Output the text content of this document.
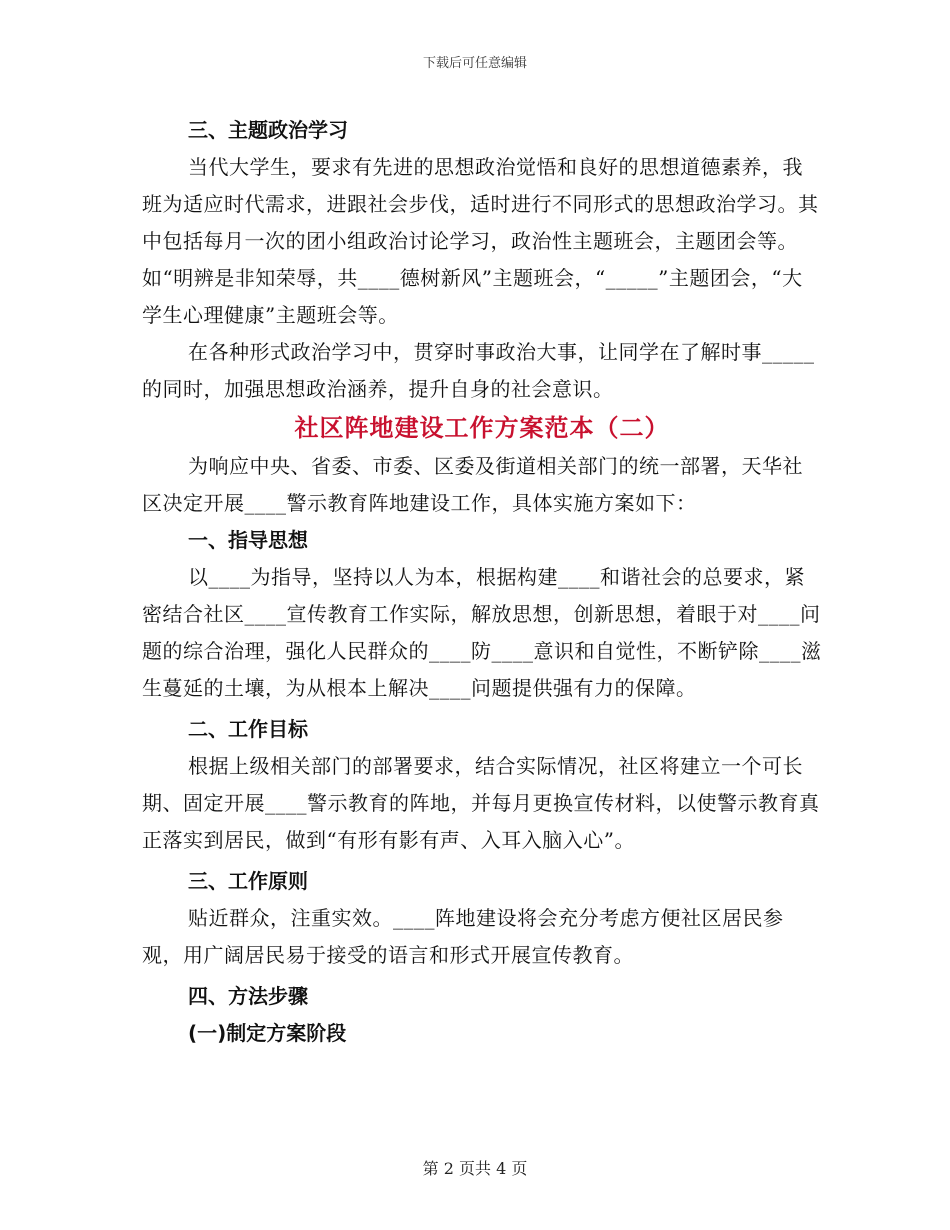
下载后可任意编辑

三、主题政治学习

当代大学生，要求有先进的思想政治觉悟和良好的思想道德素养，我班为适应时代需求，进跟社会步伐，适时进行不同形式的思想政治学习。其中包括每月一次的团小组政治讨论学习，政治性主题班会，主题团会等。如“明辨是非知荣辱，共____德树新风”主题班会，“_____”主题团会，“大学生心理健康”主题班会等。

在各种形式政治学习中，贯穿时事政治大事，让同学在了解时事_____的同时，加强思想政治涵养，提升自身的社会意识。

社区阵地建设工作方案范本（二）

为响应中央、省委、市委、区委及街道相关部门的统一部署，天华社区决定开展____警示教育阵地建设工作，具体实施方案如下：

一、指导思想

以____为指导，坚持以人为本，根据构建____和谐社会的总要求，紧密结合社区____宣传教育工作实际，解放思想，创新思想，着眼于对____问题的综合治理，强化人民群众的____防____意识和自觉性，不断铲除____滋生蔓延的土壤，为从根本上解决____问题提供强有力的保障。

二、工作目标

根据上级相关部门的部署要求，结合实际情况，社区将建立一个可长期、固定开展____警示教育的阵地，并每月更换宣传材料，以使警示教育真正落实到居民，做到“有形有影有声、入耳入脑入心”。

三、工作原则

贴近群众，注重实效。____阵地建设将会充分考虑方便社区居民参观，用广阔居民易于接受的语言和形式开展宣传教育。

四、方法步骤

(一)制定方案阶段

第 2 页共 4 页
